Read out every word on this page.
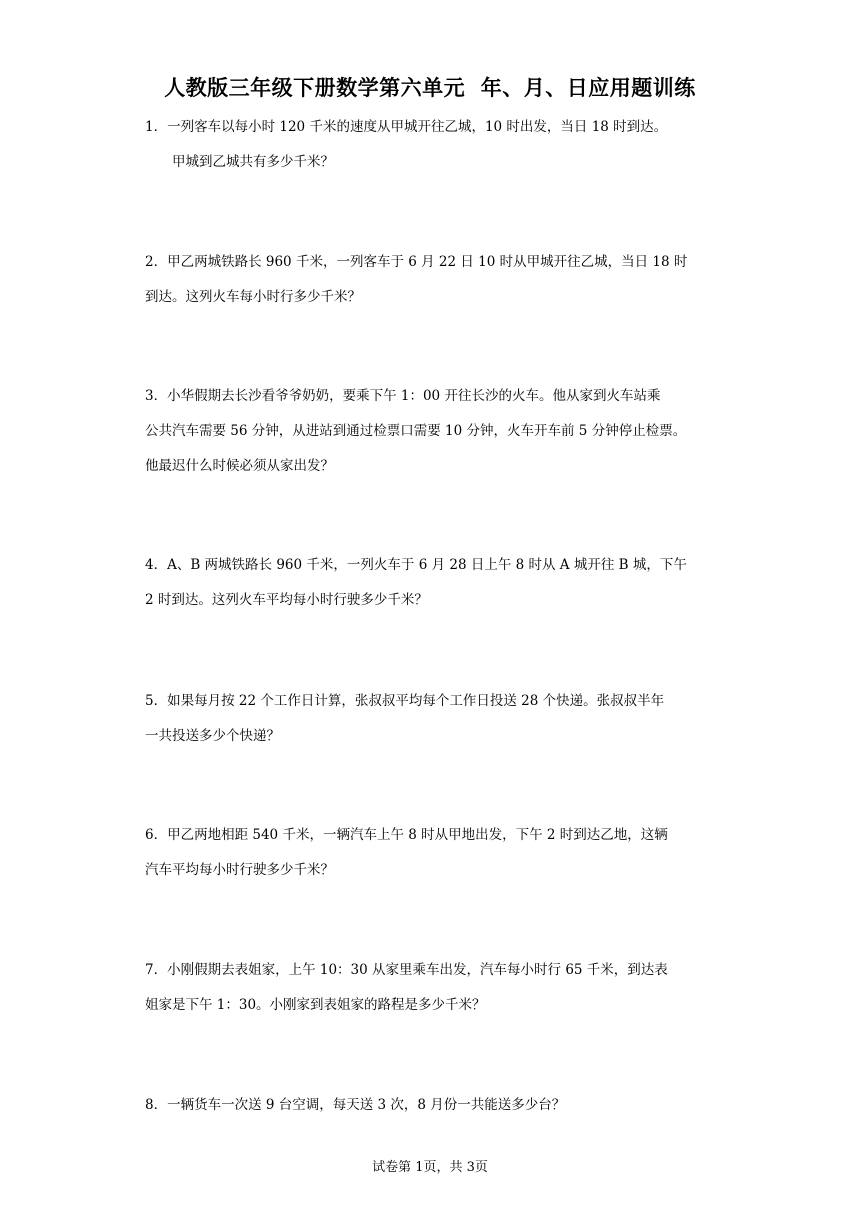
人教版三年级下册数学第六单元  年、月、日应用题训练
1．一列客车以每小时 120 千米的速度从甲城开往乙城，10 时出发，当日 18 时到达。
甲城到乙城共有多少千米？
2．甲乙两城铁路长 960 千米，一列客车于 6 月 22 日 10 时从甲城开往乙城，当日 18 时
到达。这列火车每小时行多少千米？
3．小华假期去长沙看爷爷奶奶，要乘下午 1：00 开往长沙的火车。他从家到火车站乘
公共汽车需要 56 分钟，从进站到通过检票口需要 10 分钟，火车开车前 5 分钟停止检票。
他最迟什么时候必须从家出发？
4．A、B 两城铁路长 960 千米，一列火车于 6 月 28 日上午 8 时从 A 城开往 B 城，下午
2 时到达。这列火车平均每小时行驶多少千米？
5．如果每月按 22 个工作日计算，张叔叔平均每个工作日投送 28 个快递。张叔叔半年
一共投送多少个快递？
6．甲乙两地相距 540 千米，一辆汽车上午 8 时从甲地出发，下午 2 时到达乙地，这辆
汽车平均每小时行驶多少千米？
7．小刚假期去表姐家，上午 10：30 从家里乘车出发，汽车每小时行 65 千米，到达表
姐家是下午 1：30。小刚家到表姐家的路程是多少千米？
8．一辆货车一次送 9 台空调，每天送 3 次，8 月份一共能送多少台？
试卷第 1页，共 3页
